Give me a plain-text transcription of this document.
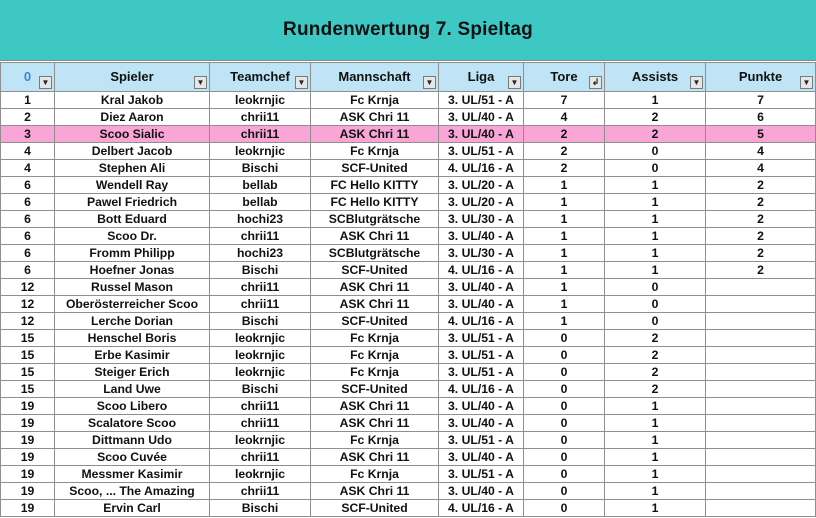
Rundenwertung 7. Spieltag
0 ▼	Spieler ▼	Teamchef ▼	Mannschaft ▼	Liga ▼	Tore ↲	Assists ▼	Punkte ▼

1	Kral Jakob	leokrnjic	Fc Krnja	3. UL/51 - A	7	1	7
2	Diez Aaron	chrii11	ASK Chri 11	3. UL/40 - A	4	2	6
3	Scoo Sialic	chrii11	ASK Chri 11	3. UL/40 - A	2	2	5
4	Delbert Jacob	leokrnjic	Fc Krnja	3. UL/51 - A	2	0	4
4	Stephen Ali	Bischi	SCF-United	4. UL/16 - A	2	0	4
6	Wendell Ray	bellab	FC Hello KITTY	3. UL/20 - A	1	1	2
6	Pawel Friedrich	bellab	FC Hello KITTY	3. UL/20 - A	1	1	2
6	Bott Eduard	hochi23	SCBlutgrätsche	3. UL/30 - A	1	1	2
6	Scoo Dr.	chrii11	ASK Chri 11	3. UL/40 - A	1	1	2
6	Fromm Philipp	hochi23	SCBlutgrätsche	3. UL/30 - A	1	1	2
6	Hoefner Jonas	Bischi	SCF-United	4. UL/16 - A	1	1	2
12	Russel Mason	chrii11	ASK Chri 11	3. UL/40 - A	1	0	
12	Oberösterreicher Scoo	chrii11	ASK Chri 11	3. UL/40 - A	1	0	
12	Lerche Dorian	Bischi	SCF-United	4. UL/16 - A	1	0	
15	Henschel Boris	leokrnjic	Fc Krnja	3. UL/51 - A	0	2	
15	Erbe Kasimir	leokrnjic	Fc Krnja	3. UL/51 - A	0	2	
15	Steiger Erich	leokrnjic	Fc Krnja	3. UL/51 - A	0	2	
15	Land Uwe	Bischi	SCF-United	4. UL/16 - A	0	2	
19	Scoo Libero	chrii11	ASK Chri 11	3. UL/40 - A	0	1	
19	Scalatore Scoo	chrii11	ASK Chri 11	3. UL/40 - A	0	1	
19	Dittmann Udo	leokrnjic	Fc Krnja	3. UL/51 - A	0	1	
19	Scoo Cuvée	chrii11	ASK Chri 11	3. UL/40 - A	0	1	
19	Messmer Kasimir	leokrnjic	Fc Krnja	3. UL/51 - A	0	1	
19	Scoo, ... The Amazing	chrii11	ASK Chri 11	3. UL/40 - A	0	1	
19	Ervin Carl	Bischi	SCF-United	4. UL/16 - A	0	1	
